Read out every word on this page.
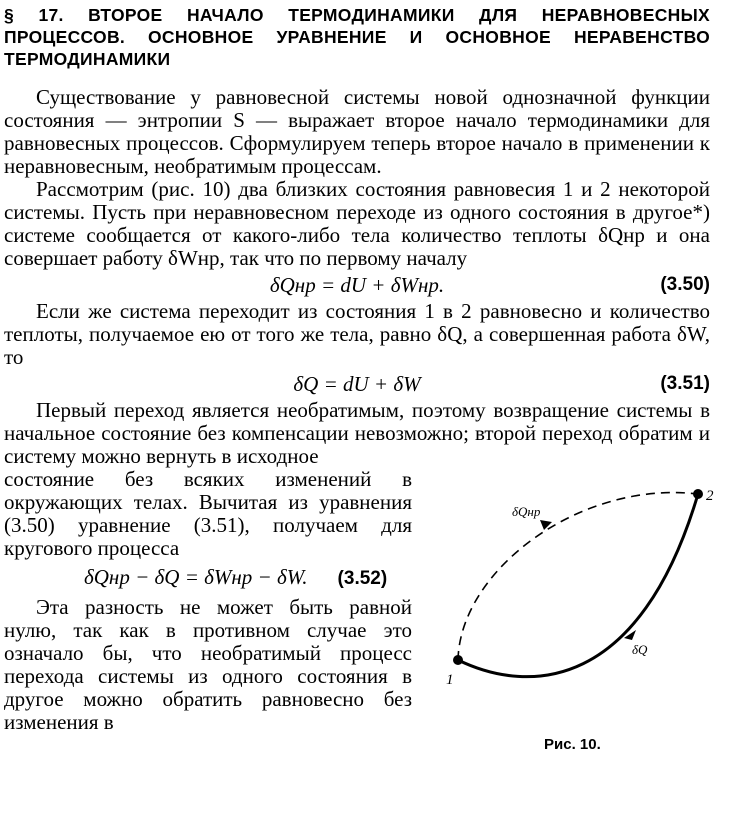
§ 17. ВТОРОЕ НАЧАЛО ТЕРМОДИНАМИКИ ДЛЯ НЕРАВНОВЕСНЫХ ПРОЦЕССОВ. ОСНОВНОЕ УРАВНЕНИЕ И ОСНОВНОЕ НЕРАВЕНСТВО ТЕРМОДИНАМИКИ

Существование у равновесной системы новой однозначной функции состояния — энтропии S — выражает второе начало термодинамики для равновесных процессов. Сформулируем теперь второе начало в применении к неравновесным, необратимым процессам.

Рассмотрим (рис. 10) два близких состояния равновесия 1 и 2 некоторой системы. Пусть при неравновесном переходе из одного состояния в другое*) системе сообщается от какого-либо тела количество теплоты δQнр и она совершает работу δWнр, так что по первому началу

δQнр = dU + δWнр.	(3.50)

Если же система переходит из состояния 1 в 2 равновесно и количество теплоты, получаемое ею от того же тела, равно δQ, а совершенная работа δW, то

δQ = dU + δW	(3.51)

Первый переход является необратимым, поэтому возвращение системы в начальное состояние без компенсации невозможно; второй переход обратим и систему можно вернуть в исходное

состояние без всяких изменений в окружающих телах. Вычитая из уравнения (3.50) уравнение (3.51), получаем для кругового процесса

δQнр − δQ = δWнр − δW. (3.52)

Эта разность не может быть равной нулю, так как в противном случае это означало бы, что необратимый процесс перехода системы из одного состояния в другое можно обратить равновесно без изменения в

δQнр
δQ
1
2
Рис. 10.
